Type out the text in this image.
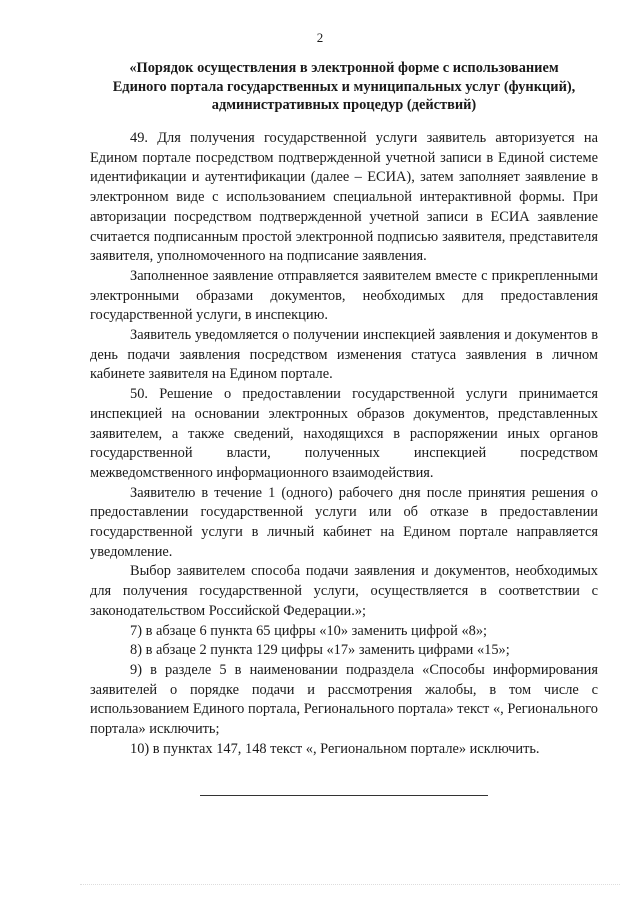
2
«Порядок осуществления в электронной форме с использованием
Единого портала государственных и муниципальных услуг (функций),
административных процедур (действий)

49. Для получения государственной услуги заявитель авторизуется на Едином портале посредством подтвержденной учетной записи в Единой системе идентификации и аутентификации (далее – ЕСИА), затем заполняет заявление в электронном виде с использованием специальной интерактивной формы. При авторизации посредством подтвержденной учетной записи в ЕСИА заявление считается подписанным простой электронной подписью заявителя, представителя заявителя, уполномоченного на подписание заявления.

Заполненное заявление отправляется заявителем вместе с прикрепленными электронными образами документов, необходимых для предоставления государственной услуги, в инспекцию.

Заявитель уведомляется о получении инспекцией заявления и документов в день подачи заявления посредством изменения статуса заявления в личном кабинете заявителя на Едином портале.

50. Решение о предоставлении государственной услуги принимается инспекцией на основании электронных образов документов, представленных заявителем, а также сведений, находящихся в распоряжении иных органов государственной власти, полученных инспекцией посредством межведомственного информационного взаимодействия.

Заявителю в течение 1 (одного) рабочего дня после принятия решения о предоставлении государственной услуги или об отказе в предоставлении государственной услуги в личный кабинет на Едином портале направляется уведомление.

Выбор заявителем способа подачи заявления и документов, необходимых для получения государственной услуги, осуществляется в соответствии с законодательством Российской Федерации.»;

7) в абзаце 6 пункта 65 цифры «10» заменить цифрой «8»;

8) в абзаце 2 пункта 129 цифры «17» заменить цифрами «15»;

9) в разделе 5 в наименовании подраздела «Способы информирования заявителей о порядке подачи и рассмотрения жалобы, в том числе с использованием Единого портала, Регионального портала» текст «, Регионального портала» исключить;

10) в пунктах 147, 148 текст «, Региональном портале» исключить.
